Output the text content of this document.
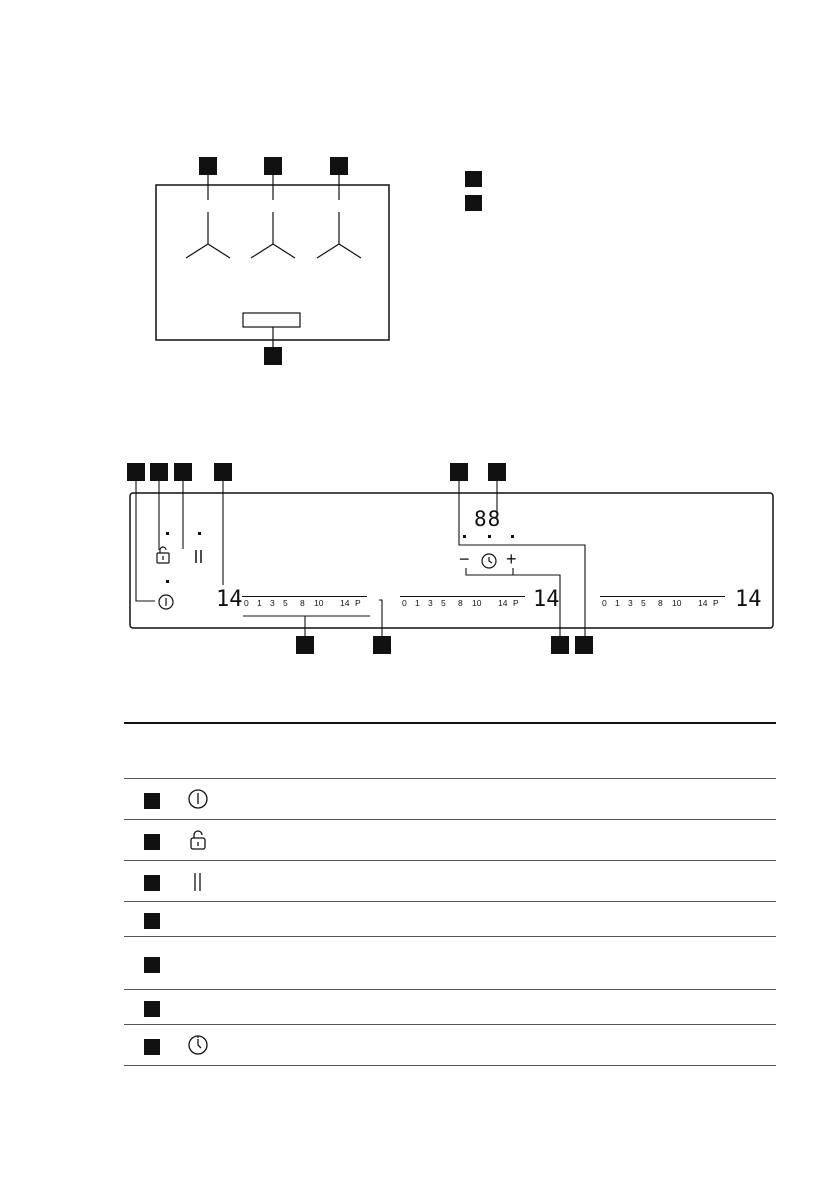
88
− +
14	14	14
0 1 3 5 8 10 14 P	0 1 3 5 8 10 14 P	0 1 3 5 8 10 14 P
